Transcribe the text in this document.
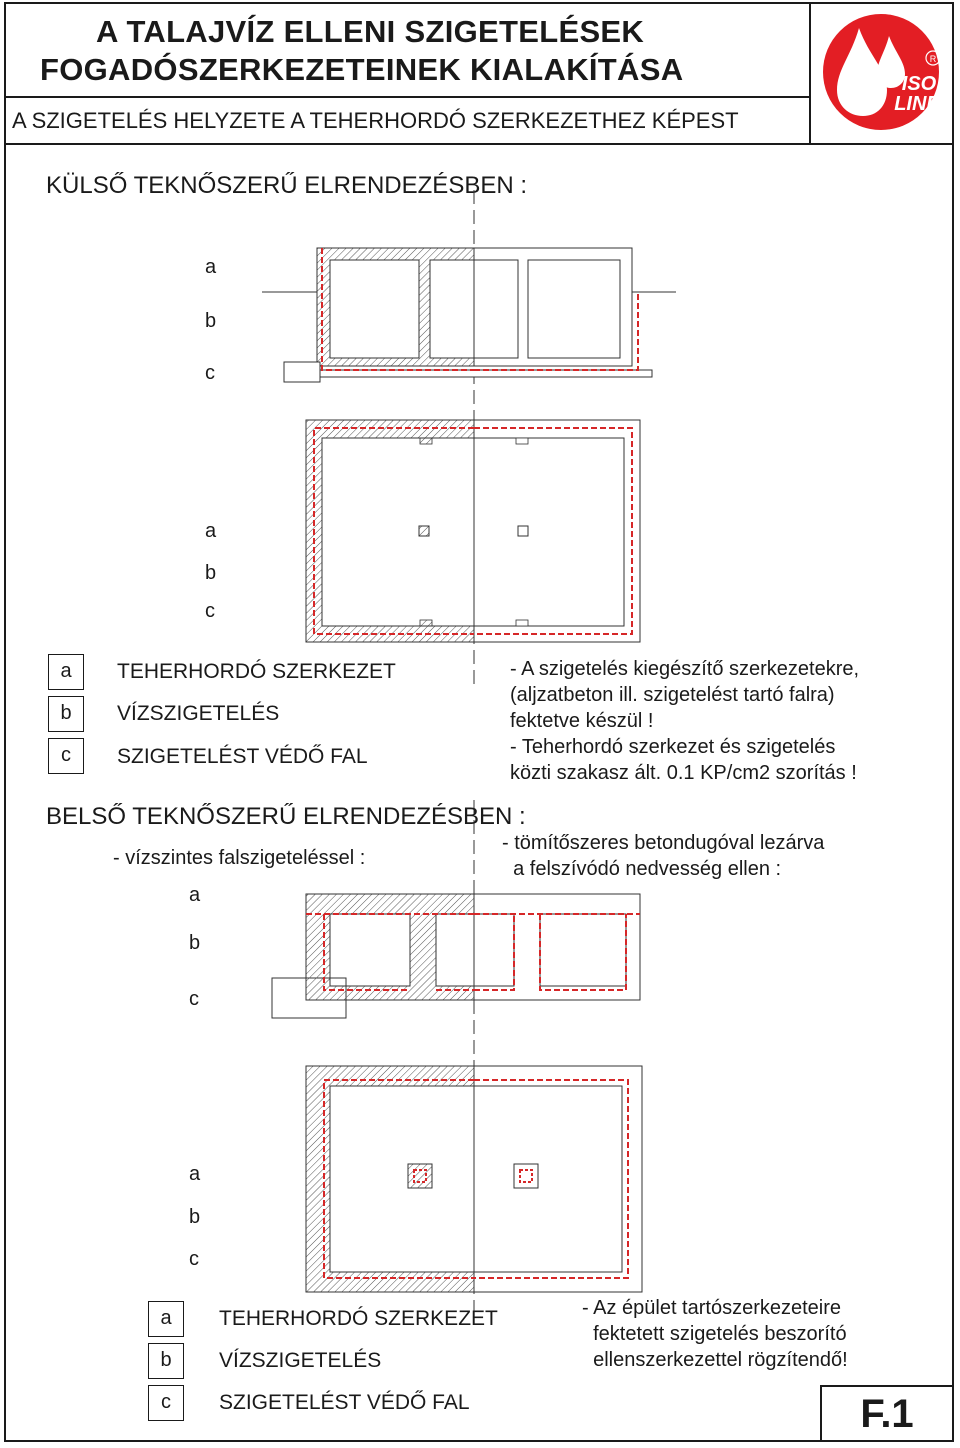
A TALAJVÍZ ELLENI SZIGETELÉSEK
FOGADÓSZERKEZETEINEK KIALAKÍTÁSA
A SZIGETELÉS HELYZETE A TEHERHORDÓ SZERKEZETHEZ KÉPEST
ISO
LINE
R
KÜLSŐ TEKNŐSZERŰ ELRENDEZÉSBEN :
a
b
c
a
b
c
a
b
c
TEHERHORDÓ SZERKEZET
VÍZSZIGETELÉS
SZIGETELÉST VÉDŐ FAL
- A szigetelés kiegészítő szerkezetekre,
(aljzatbeton ill. szigetelést tartó falra)
fektetve készül !
- Teherhordó szerkezet és szigetelés
közti szakasz ált. 0.1 KP/cm2 szorítás !
BELSŐ TEKNŐSZERŰ ELRENDEZÉSBEN :
- vízszintes falszigeteléssel :
- tömítőszeres betondugóval lezárva
a felszívódó nedvesség ellen :
a
b
c
a
b
c
a
b
c
TEHERHORDÓ SZERKEZET
VÍZSZIGETELÉS
SZIGETELÉST VÉDŐ FAL
- Az épület tartószerkezeteire
fektetett szigetelés beszorító
ellenszerkezettel rögzítendő!
F.1
